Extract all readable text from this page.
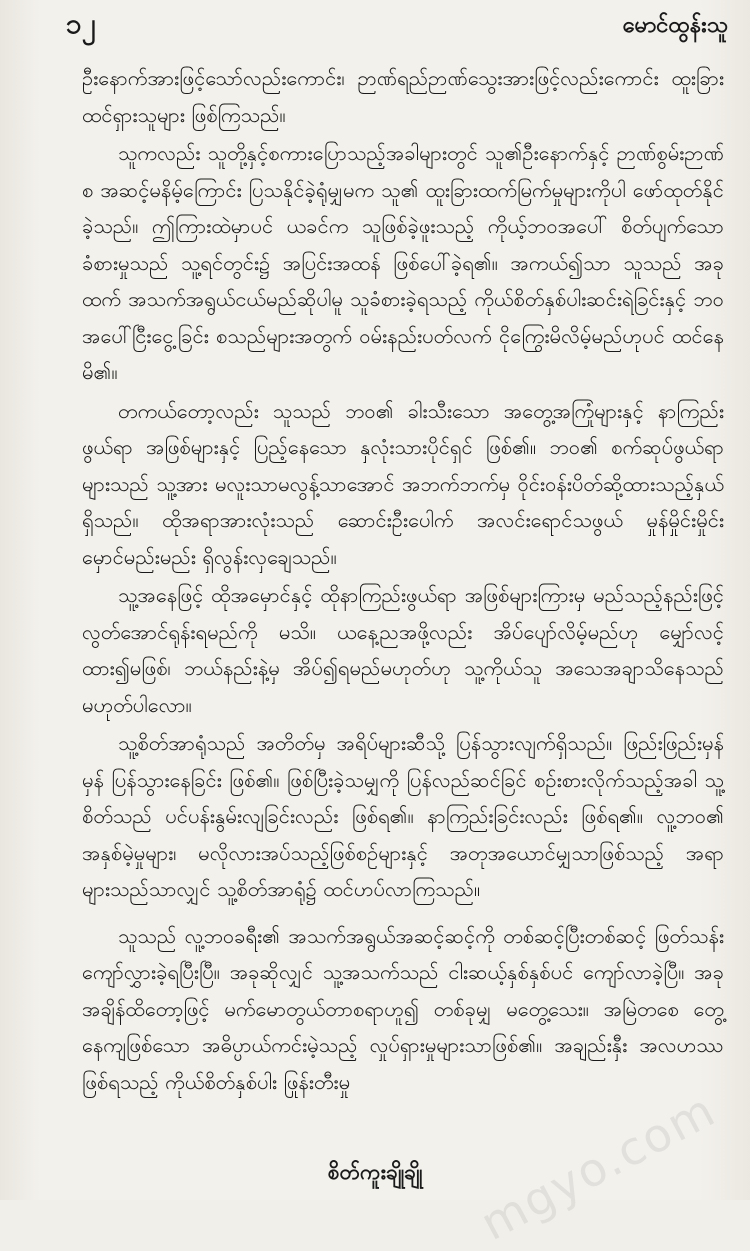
၁၂	မောင်ထွန်းသူ

ဦးနောက်အားဖြင့်သော်လည်းကောင်း၊ ဉာဏ်ရည်ဉာဏ်သွေးအားဖြင့်လည်းကောင်း ထူးခြားထင်ရှားသူများ ဖြစ်ကြသည်။

သူကလည်း သူတို့နှင့်စကားပြောသည့်အခါများတွင် သူ၏ဦးနောက်နှင့် ဉာဏ်စွမ်းဉာဏ်စ အဆင့်မနိမ့်ကြောင်း ပြသနိုင်ခဲ့ရုံမျှမက သူ၏ ထူးခြားထက်မြက်မှုများကိုပါ ဖော်ထုတ်နိုင်ခဲ့သည်။ ဤကြားထဲမှာပင် ယခင်က သူဖြစ်ခဲ့ဖူးသည့် ကိုယ့်ဘဝအပေါ် စိတ်ပျက်သော ခံစားမှုသည် သူ့ရင်တွင်း၌ အပြင်းအထန် ဖြစ်ပေါ်ခဲ့ရ၏။ အကယ်၍သာ သူသည် အခုထက် အသက်အရွယ်ငယ်မည်ဆိုပါမူ သူခံစားခဲ့ရသည့် ကိုယ်စိတ်နှစ်ပါးဆင်းရဲခြင်းနှင့် ဘဝအပေါ်ငြီးငွေ့ခြင်း စသည်များအတွက် ဝမ်းနည်းပတ်လက် ငိုကြွေးမိလိမ့်မည်ဟုပင် ထင်နေမိ၏။

တကယ်တော့လည်း သူသည် ဘဝ၏ ခါးသီးသော အတွေ့အကြုံများနှင့် နာကြည်းဖွယ်ရာ အဖြစ်များနှင့် ပြည့်နေသော နှလုံးသားပိုင်ရှင် ဖြစ်၏။ ဘဝ၏ စက်ဆုပ်ဖွယ်ရာများသည် သူ့အား မလူးသာမလွန့်သာအောင် အဘက်ဘက်မှ ဝိုင်းဝန်းပိတ်ဆို့ထားသည့်နှယ် ရှိသည်။ ထိုအရာအားလုံးသည် ဆောင်းဦးပေါက် အလင်းရောင်သဖွယ် မှုန်မှိုင်းမှိုင်း မှောင်မည်းမည်း ရှိလွန်းလှချေသည်။

သူ့အနေဖြင့် ထိုအမှောင်နှင့် ထိုနာကြည်းဖွယ်ရာ အဖြစ်များကြားမှ မည်သည့်နည်းဖြင့် လွတ်အောင်ရုန်းရမည်ကို မသိ။ ယနေ့ညအဖို့လည်း အိပ်ပျော်လိမ့်မည်ဟု မျှော်လင့်ထား၍မဖြစ်၊ ဘယ်နည်းနဲ့မှ အိပ်၍ရမည်မဟုတ်ဟု သူ့ကိုယ်သူ အသေအချာသိနေသည် မဟုတ်ပါလော။

သူ့စိတ်အာရုံသည် အတိတ်မှ အရိပ်များဆီသို့ ပြန်သွားလျက်ရှိသည်။ ဖြည်းဖြည်းမှန်မှန် ပြန်သွားနေခြင်း ဖြစ်၏။ ဖြစ်ပြီးခဲ့သမျှကို ပြန်လည်ဆင်ခြင် စဉ်းစားလိုက်သည့်အခါ သူ့စိတ်သည် ပင်ပန်းနွမ်းလျခြင်းလည်း ဖြစ်ရ၏။ နာကြည်းခြင်းလည်း ဖြစ်ရ၏။ လူ့ဘဝ၏ အနှစ်မဲ့မှုများ၊ မလိုလားအပ်သည့်ဖြစ်စဉ်များနှင့် အတုအယောင်မျှသာဖြစ်သည့် အရာများသည်သာလျှင် သူ့စိတ်အာရုံ၌ ထင်ဟပ်လာကြသည်။

သူသည် လူ့ဘဝခရီး၏ အသက်အရွယ်အဆင့်ဆင့်ကို တစ်ဆင့်ပြီးတစ်ဆင့် ဖြတ်သန်းကျော်လွှားခဲ့ရပြီးပြီ။ အခုဆိုလျှင် သူ့အသက်သည် ငါးဆယ့်နှစ်နှစ်ပင် ကျော်လာခဲ့ပြီ။ အခုအချိန်ထိတော့ဖြင့် မက်မောတွယ်တာစရာဟူ၍ တစ်ခုမျှ မတွေ့သေး။ အမြဲတစေ တွေ့နေကျဖြစ်သော အဓိပ္ပာယ်ကင်းမဲ့သည့် လှုပ်ရှားမှုများသာဖြစ်၏။ အချည်းနှီး အလဟဿဖြစ်ရသည့် ကိုယ်စိတ်နှစ်ပါး ဖြုန်းတီးမှု

mgyo.com
စိတ်ကူးချိုချို
